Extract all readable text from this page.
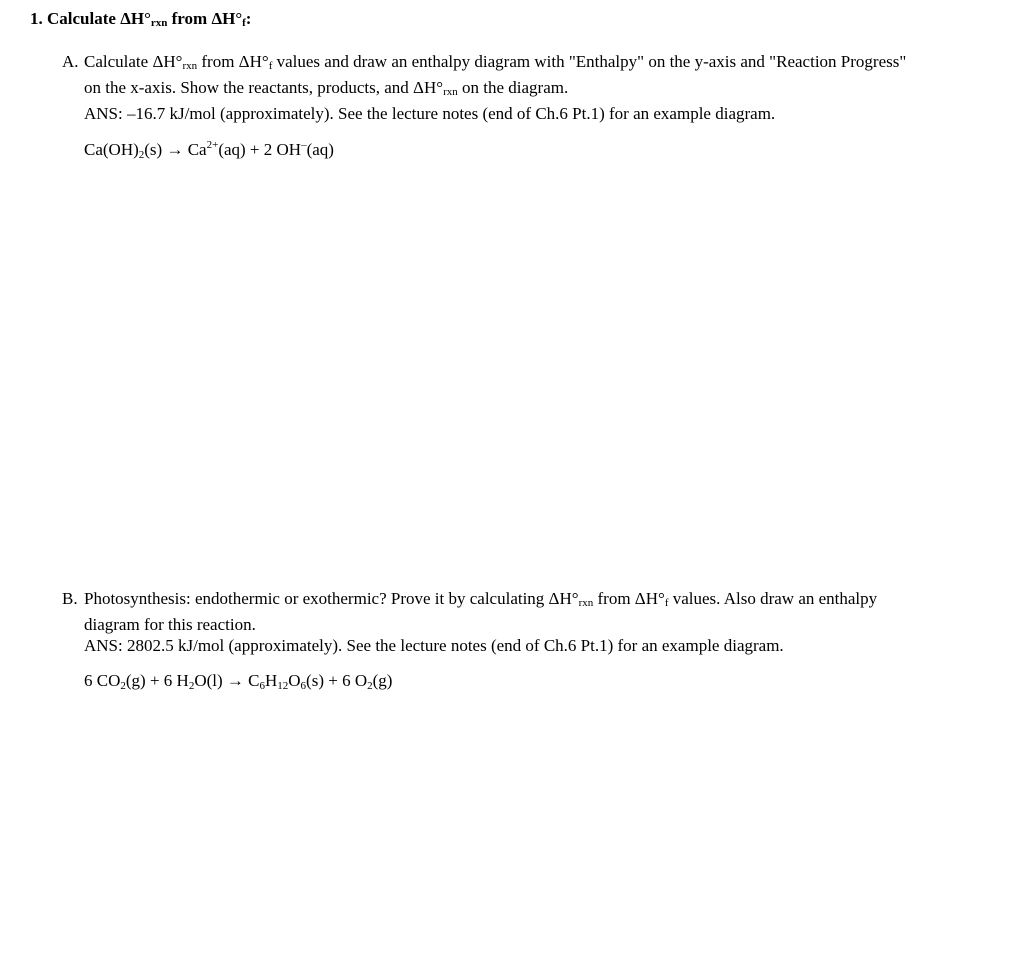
1. Calculate ΔH°rxn from ΔH°f:
A. Calculate ΔH°rxn from ΔH°f values and draw an enthalpy diagram with "Enthalpy" on the y-axis and "Reaction Progress"
on the x-axis. Show the reactants, products, and ΔH°rxn on the diagram.
ANS: –16.7 kJ/mol (approximately). See the lecture notes (end of Ch.6 Pt.1) for an example diagram.
$Ca(OH)_2(s) \to Ca^{2+}(aq) + 2$ OH–(aq)
B. Photosynthesis: endothermic or exothermic? Prove it by calculating ΔH°rxn from ΔH°f values. Also draw an enthalpy
diagram for this reaction.
ANS: 2802.5 kJ/mol (approximately). See the lecture notes (end of Ch.6 Pt.1) for an example diagram.
6 $CO_2(g) + 6$ $H_2O(l) \to C_6H_{12}O_6(s) + 6$ $O_2(g)$
